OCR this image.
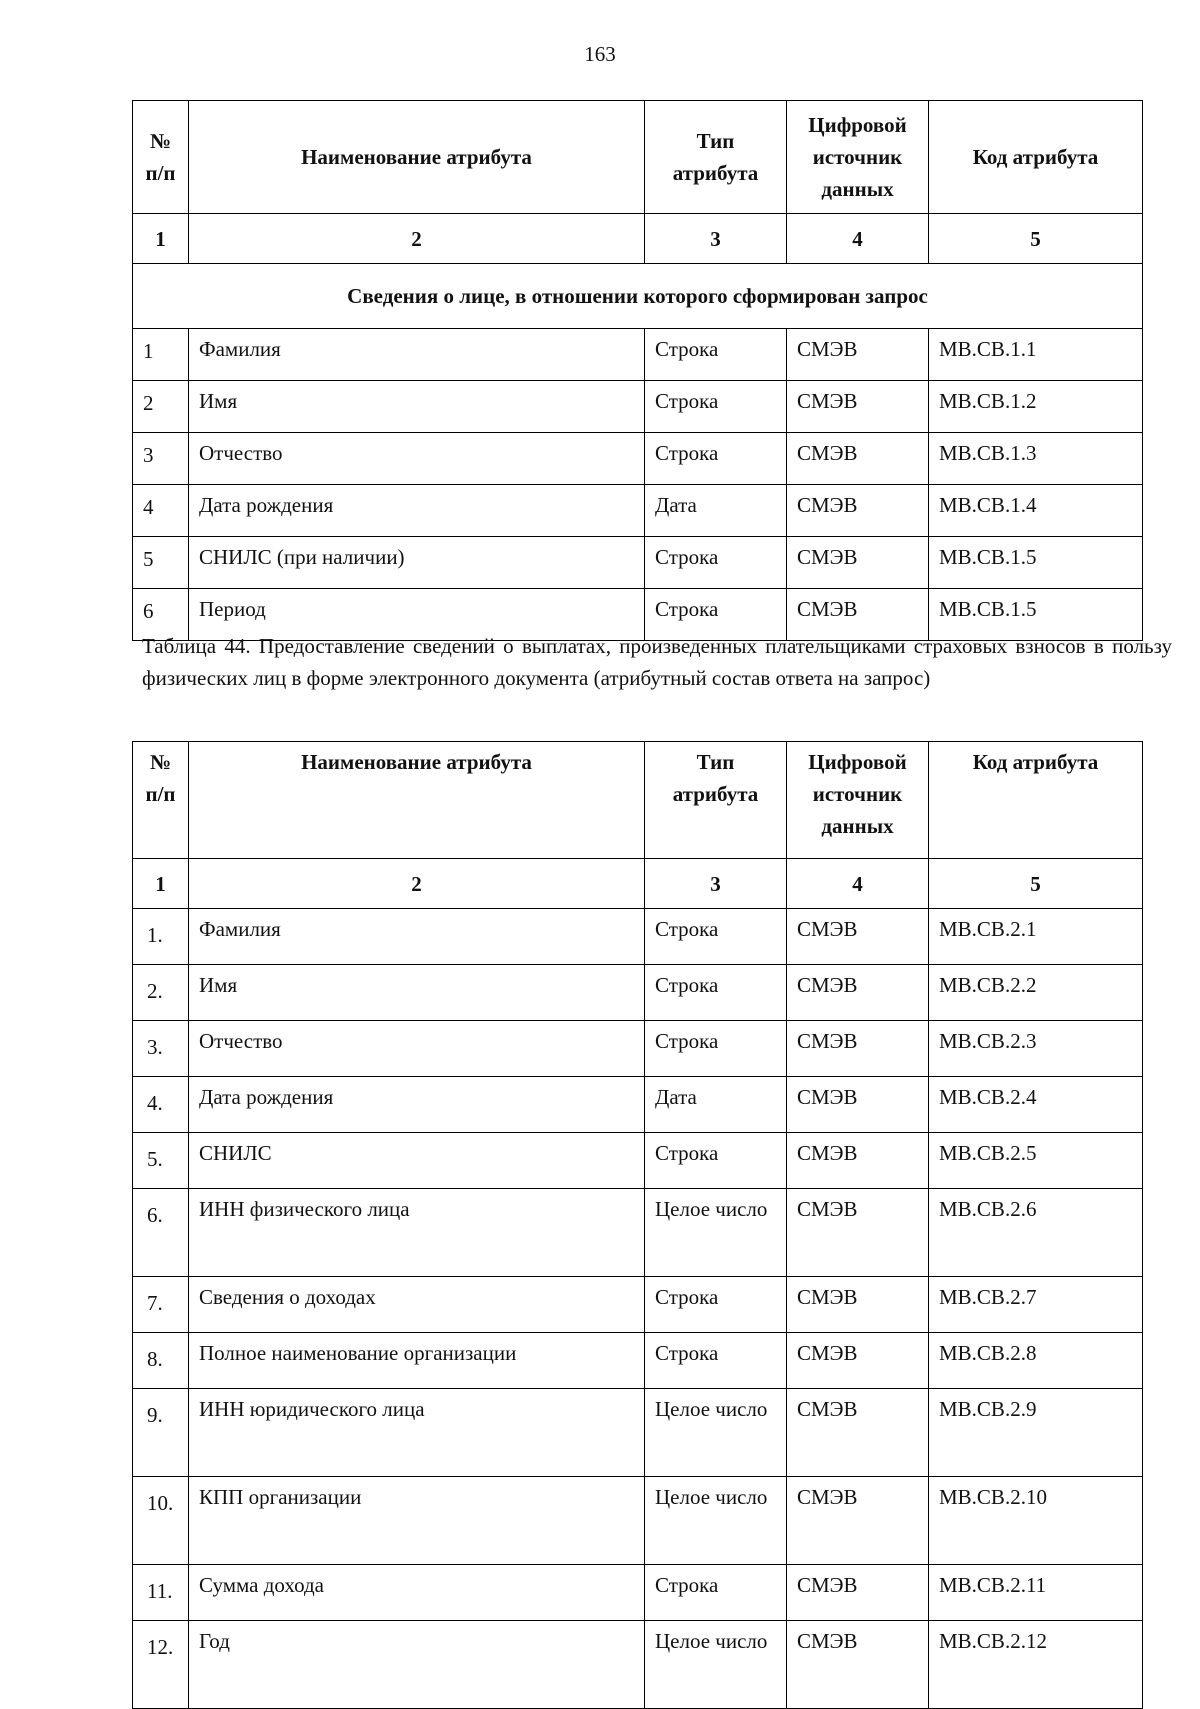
163
№ п/п	Наименование атрибута	Тип атрибута	Цифровой источник данных	Код атрибута
1	2	3	4	5
Сведения о лице, в отношении которого сформирован запрос				
1	Фамилия	Строка	СМЭВ	МВ.СВ.1.1
2	Имя	Строка	СМЭВ	МВ.СВ.1.2
3	Отчество	Строка	СМЭВ	МВ.СВ.1.3
4	Дата рождения	Дата	СМЭВ	МВ.СВ.1.4
5	СНИЛС (при наличии)	Строка	СМЭВ	МВ.СВ.1.5
6	Период	Строка	СМЭВ	МВ.СВ.1.5
Таблица 44. Предоставление сведений о выплатах, произведенных плательщиками страховых взносов в пользу физических лиц в форме электронного документа (атрибутный состав ответа на запрос)
№ п/п	Наименование атрибута	Тип атрибута	Цифровой источник данных	Код атрибута
1	2	3	4	5
1.	Фамилия	Строка	СМЭВ	МВ.СВ.2.1
2.	Имя	Строка	СМЭВ	МВ.СВ.2.2
3.	Отчество	Строка	СМЭВ	МВ.СВ.2.3
4.	Дата рождения	Дата	СМЭВ	МВ.СВ.2.4
5.	СНИЛС	Строка	СМЭВ	МВ.СВ.2.5
6.	ИНН физического лица	Целое число	СМЭВ	МВ.СВ.2.6
7.	Сведения о доходах	Строка	СМЭВ	МВ.СВ.2.7
8.	Полное наименование организации	Строка	СМЭВ	МВ.СВ.2.8
9.	ИНН юридического лица	Целое число	СМЭВ	МВ.СВ.2.9
10.	КПП организации	Целое число	СМЭВ	МВ.СВ.2.10
11.	Сумма дохода	Строка	СМЭВ	МВ.СВ.2.11
12.	Год	Целое число	СМЭВ	МВ.СВ.2.12
